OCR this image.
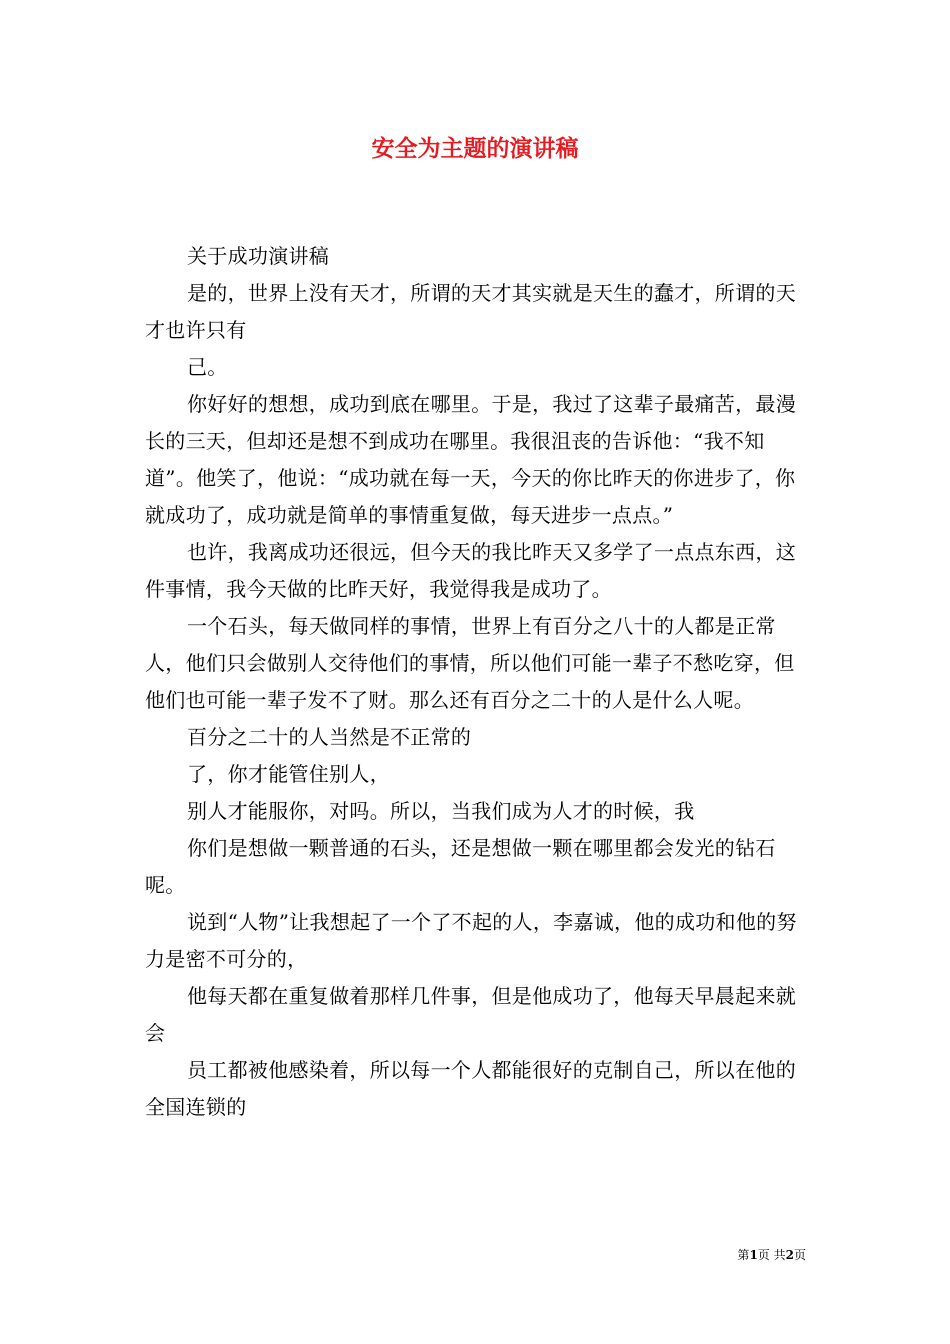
安全为主题的演讲稿

关于成功演讲稿

是的，世界上没有天才，所谓的天才其实就是天生的蠢才，所谓的天才也许只有

己。

你好好的想想，成功到底在哪里。于是，我过了这辈子最痛苦，最漫长的三天，但却还是想不到成功在哪里。我很沮丧的告诉他：“我不知道”。他笑了，他说：“成功就在每一天，今天的你比昨天的你进步了，你就成功了，成功就是简单的事情重复做，每天进步一点点。”

也许，我离成功还很远，但今天的我比昨天又多学了一点点东西，这件事情，我今天做的比昨天好，我觉得我是成功了。

一个石头，每天做同样的事情，世界上有百分之八十的人都是正常人，他们只会做别人交待他们的事情，所以他们可能一辈子不愁吃穿，但他们也可能一辈子发不了财。那么还有百分之二十的人是什么人呢。

百分之二十的人当然是不正常的

了，你才能管住别人，

别人才能服你，对吗。所以，当我们成为人才的时候，我

你们是想做一颗普通的石头，还是想做一颗在哪里都会发光的钻石呢。

说到“人物”让我想起了一个了不起的人，李嘉诚，他的成功和他的努力是密不可分的，

他每天都在重复做着那样几件事，但是他成功了，他每天早晨起来就会

员工都被他感染着，所以每一个人都能很好的克制自己，所以在他的全国连锁的

第1页 共2页
